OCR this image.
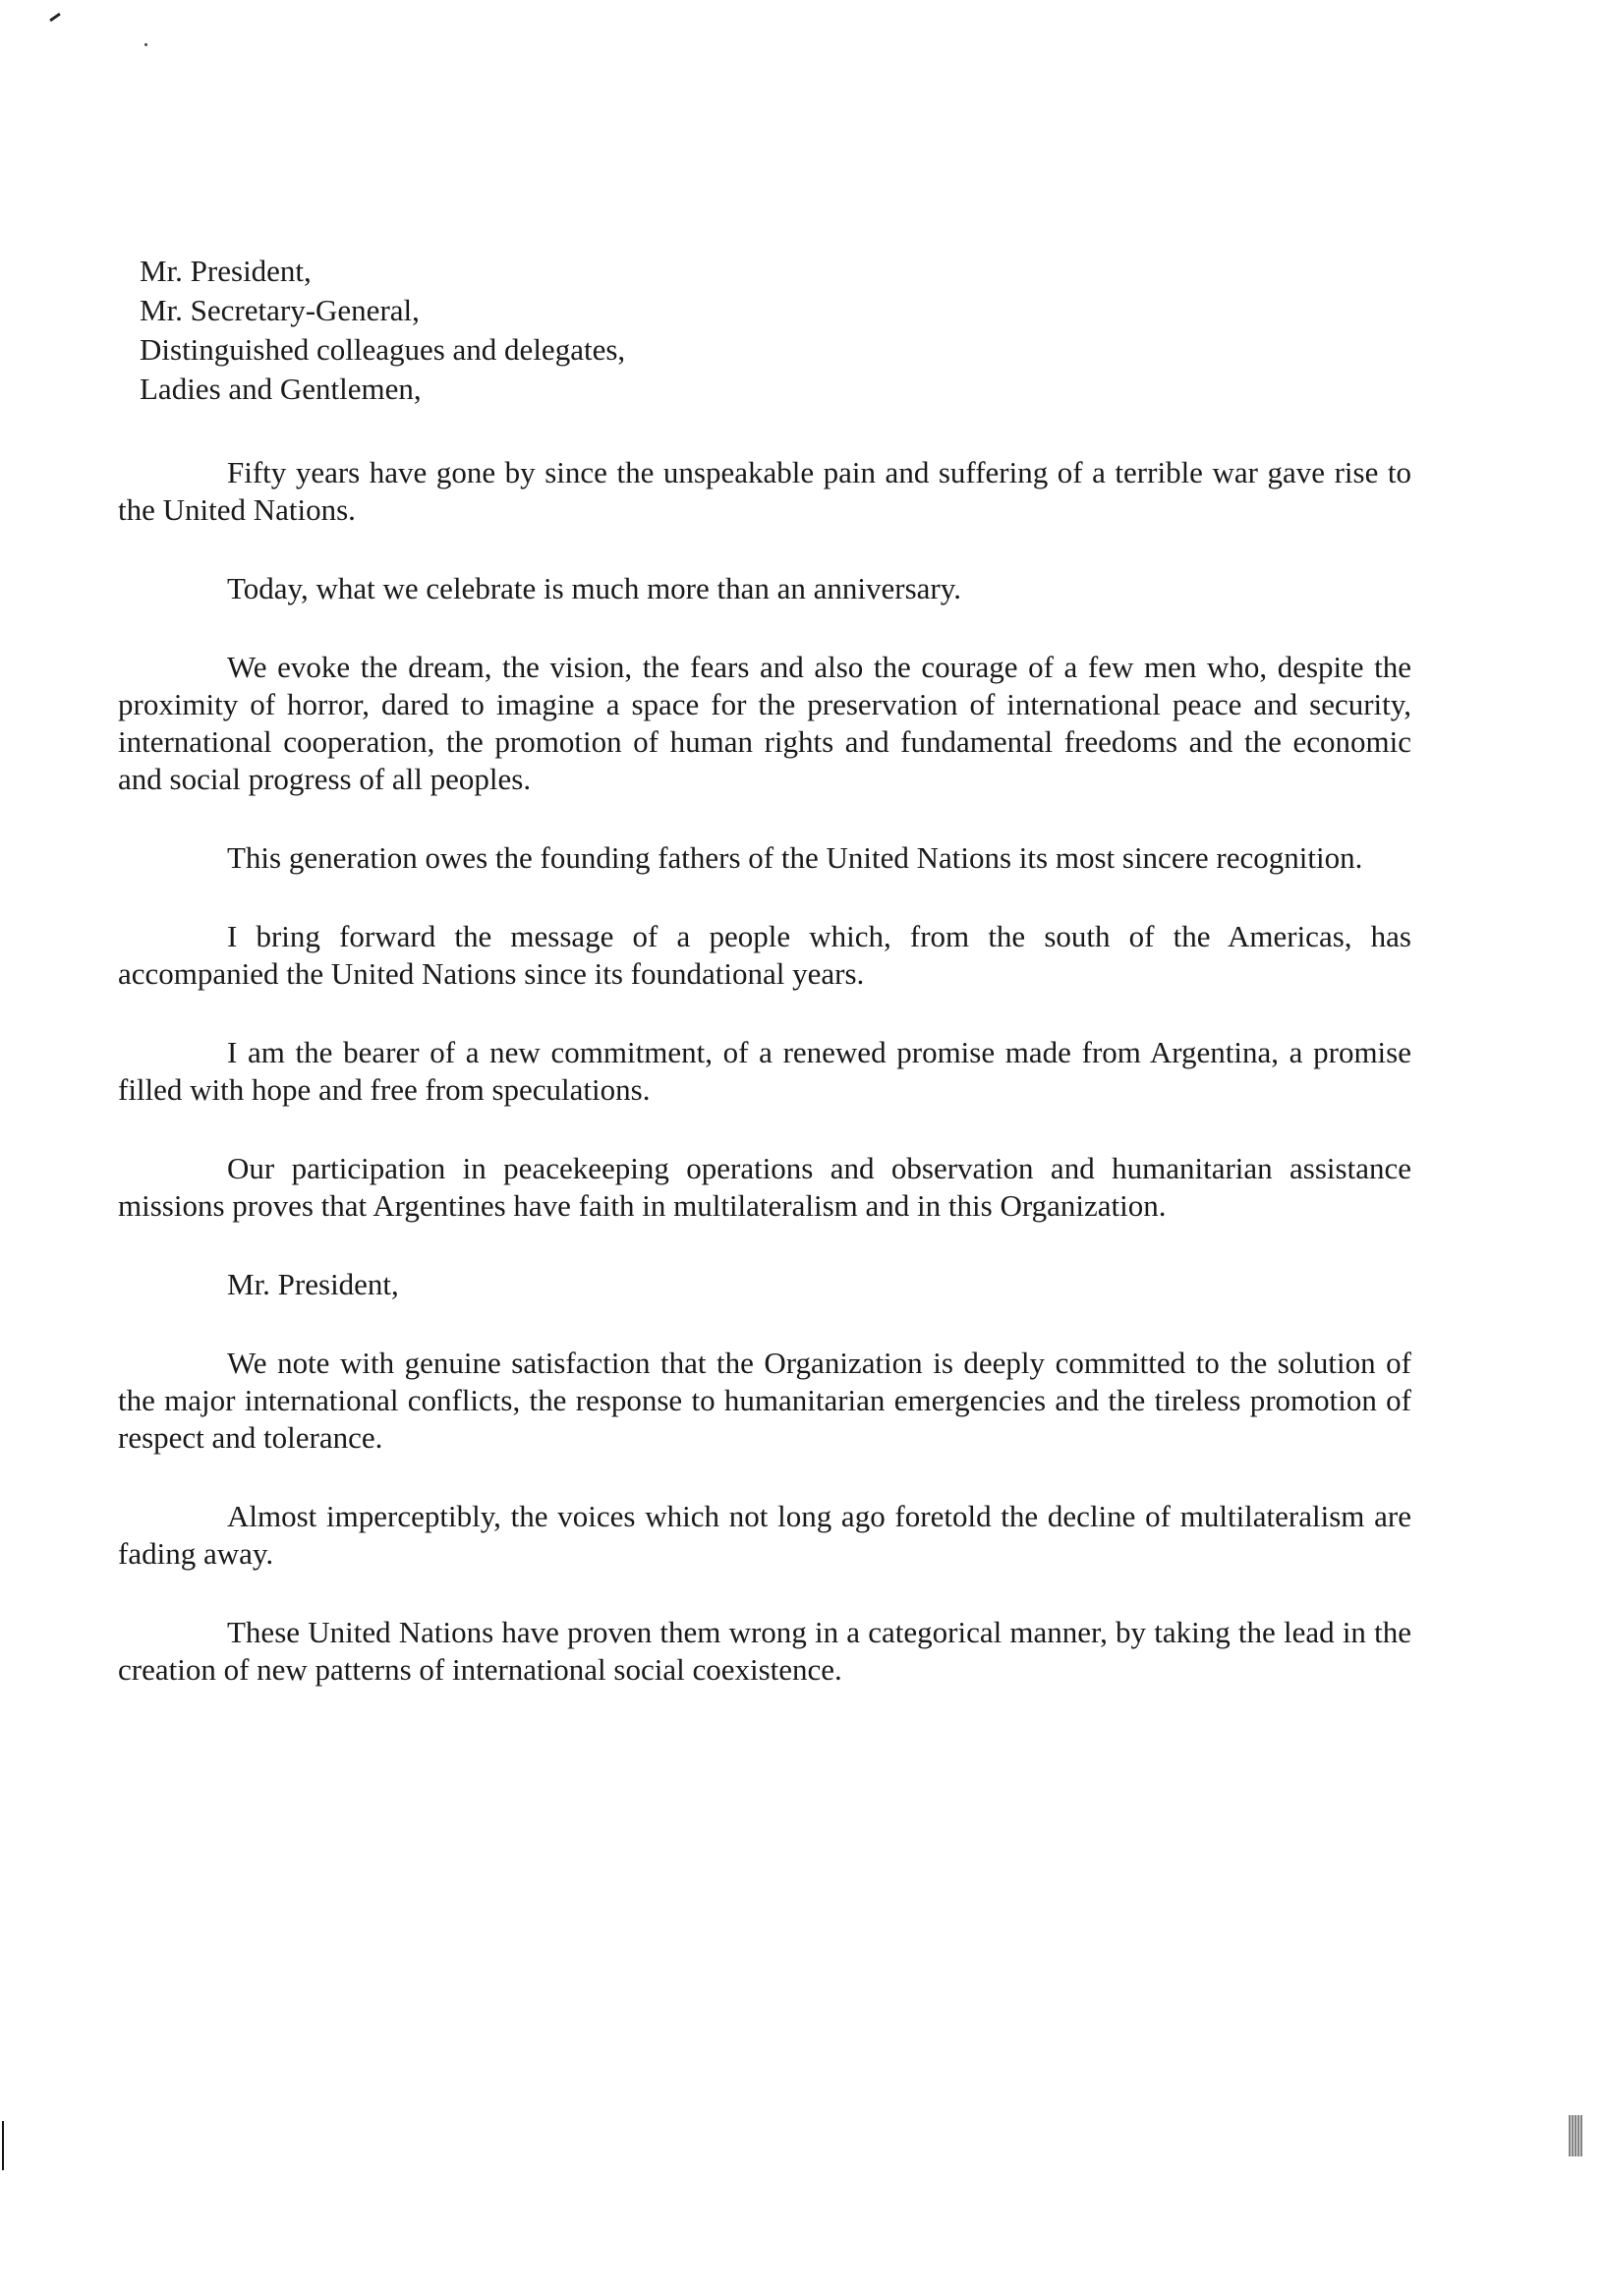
Mr. President,
Mr. Secretary-General,
Distinguished colleagues and delegates,
Ladies and Gentlemen,

Fifty years have gone by since the unspeakable pain and suffering of a terrible war gave rise to the United Nations.

Today, what we celebrate is much more than an anniversary.

We evoke the dream, the vision, the fears and also the courage of a few men who, despite the proximity of horror, dared to imagine a space for the preservation of international peace and security, international cooperation, the promotion of human rights and fundamental freedoms and the economic and social progress of all peoples.

This generation owes the founding fathers of the United Nations its most sincere recognition.

I bring forward the message of a people which, from the south of the Americas, has accompanied the United Nations since its foundational years.

I am the bearer of a new commitment, of a renewed promise made from Argentina, a promise filled with hope and free from speculations.

Our participation in peacekeeping operations and observation and humanitarian assistance missions proves that Argentines have faith in multilateralism and in this Organization.

Mr. President,

We note with genuine satisfaction that the Organization is deeply committed to the solution of the major international conflicts, the response to humanitarian emergencies and the tireless promotion of respect and tolerance.

Almost imperceptibly, the voices which not long ago foretold the decline of multilateralism are fading away.

These United Nations have proven them wrong in a categorical manner, by taking the lead in the creation of new patterns of international social coexistence.
